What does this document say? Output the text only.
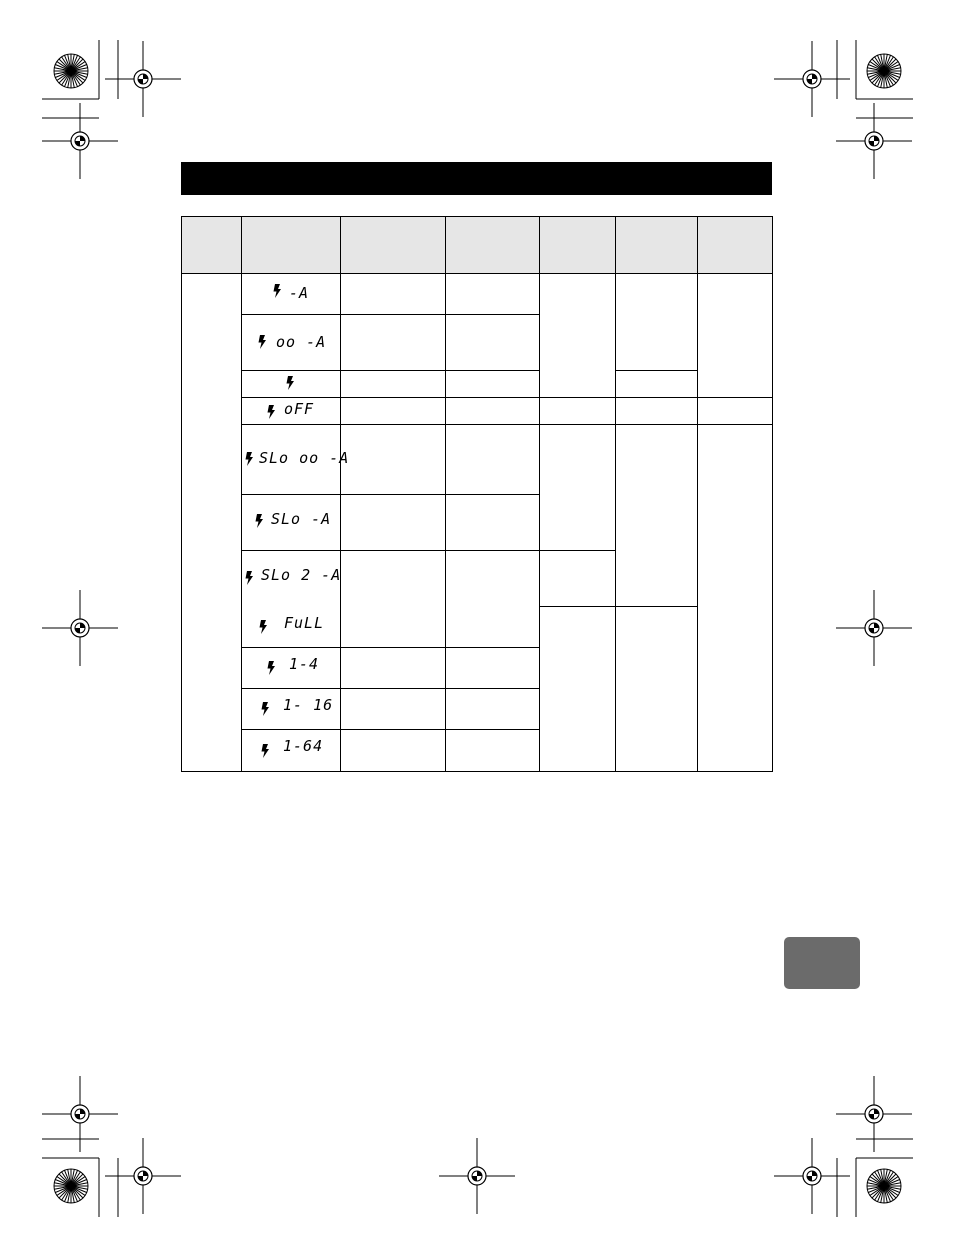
-A
oo -A
oFF
SLo oo -A
SLo -A
SLo 2 -A
FuLL
1-4
1- 16
1-64
